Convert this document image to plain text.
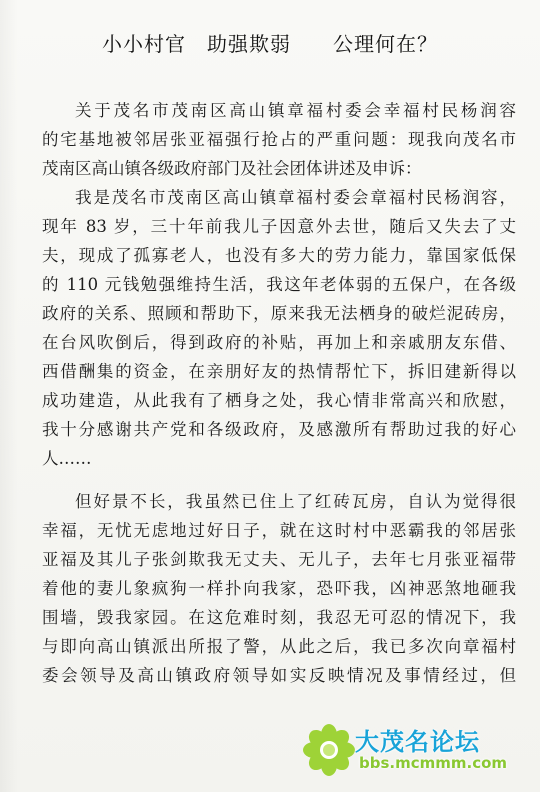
小小村官　助强欺弱　　公理何在？
关于茂名市茂南区高山镇章福村委会幸福村民杨润容
的宅基地被邻居张亚福强行抢占的严重问题：现我向茂名市
茂南区高山镇各级政府部门及社会团体讲述及申诉：
我是茂名市茂南区高山镇章福村委会章福村民杨润容，
现年 83 岁，三十年前我儿子因意外去世，随后又失去了丈
夫，现成了孤寡老人，也没有多大的劳力能力，靠国家低保
的 110 元钱勉强维持生活，我这年老体弱的五保户，在各级
政府的关系、照顾和帮助下，原来我无法栖身的破烂泥砖房，
在台风吹倒后，得到政府的补贴，再加上和亲戚朋友东借、
西借酬集的资金，在亲朋好友的热情帮忙下，拆旧建新得以
成功建造，从此我有了栖身之处，我心情非常高兴和欣慰，
我十分感谢共产党和各级政府，及感激所有帮助过我的好心
人……
但好景不长，我虽然已住上了红砖瓦房，自认为觉得很
幸福，无忧无虑地过好日子，就在这时村中恶霸我的邻居张
亚福及其儿子张剑欺我无丈夫、无儿子，去年七月张亚福带
着他的妻儿象疯狗一样扑向我家，恐吓我，凶神恶煞地砸我
围墙，毁我家园。在这危难时刻，我忍无可忍的情况下，我
与即向高山镇派出所报了警，从此之后，我已多次向章福村
委会领导及高山镇政府领导如实反映情况及事情经过，但
大茂名论坛
bbs.mcmmm.com
